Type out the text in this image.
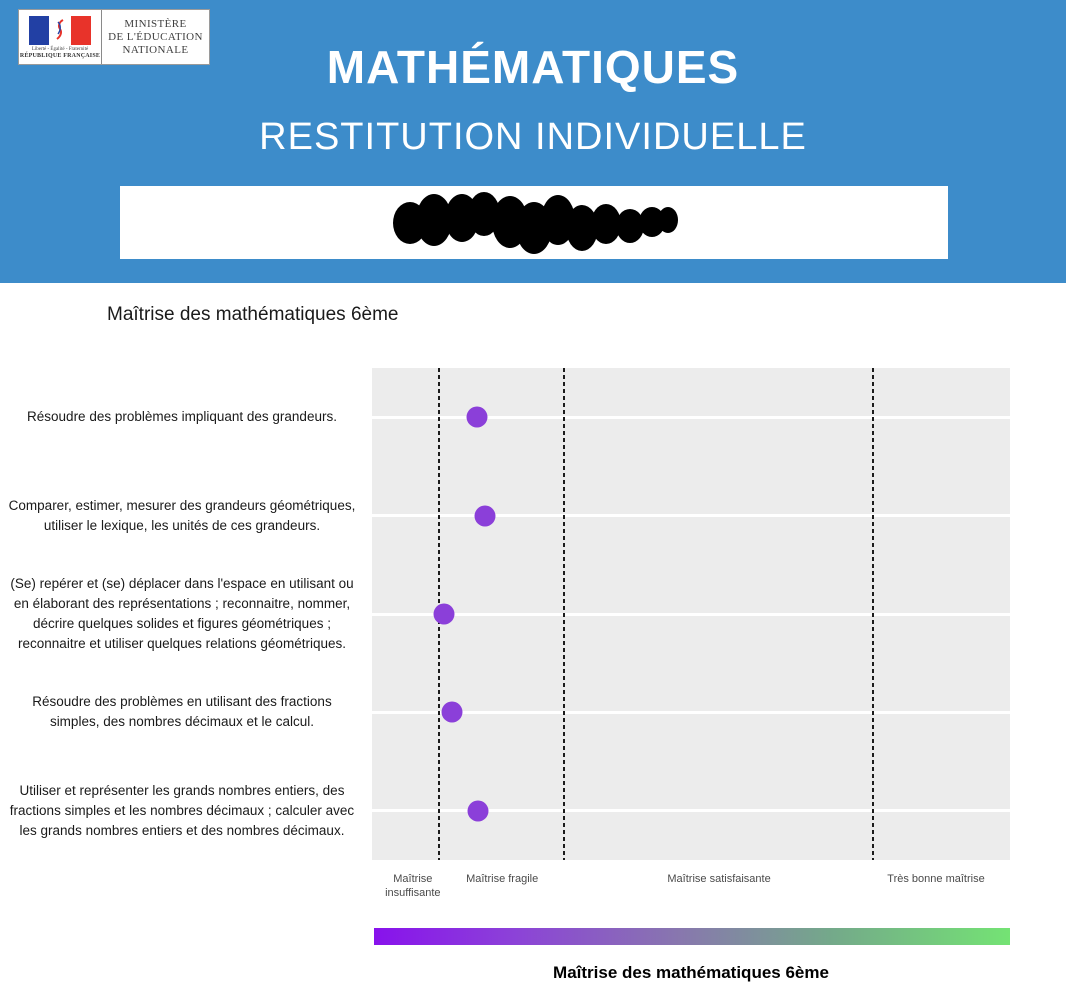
Liberté - Égalité - Fraternité
RÉPUBLIQUE FRANÇAISE
MINISTÈRE
DE L'ÉDUCATION
NATIONALE	MATHÉMATIQUES
RESTITUTION INDIVIDUELLE
Maîtrise des mathématiques 6ème
Résoudre des problèmes impliquant des grandeurs.
Comparer, estimer, mesurer des grandeurs géométriques, utiliser le lexique, les unités de ces grandeurs.
(Se) repérer et (se) déplacer dans l'espace en utilisant ou en élaborant des représentations ; reconnaitre, nommer, décrire quelques solides et figures géométriques ; reconnaitre et utiliser quelques relations géométriques.
Résoudre des problèmes en utilisant des fractions simples, des nombres décimaux et le calcul.
Utiliser et représenter les grands nombres entiers, des fractions simples et les nombres décimaux ; calculer avec les grands nombres entiers et des nombres décimaux.
Maîtrise insuffisante
Maîtrise fragile	Maîtrise satisfaisante	Très bonne maîtrise
Maîtrise des mathématiques 6ème
